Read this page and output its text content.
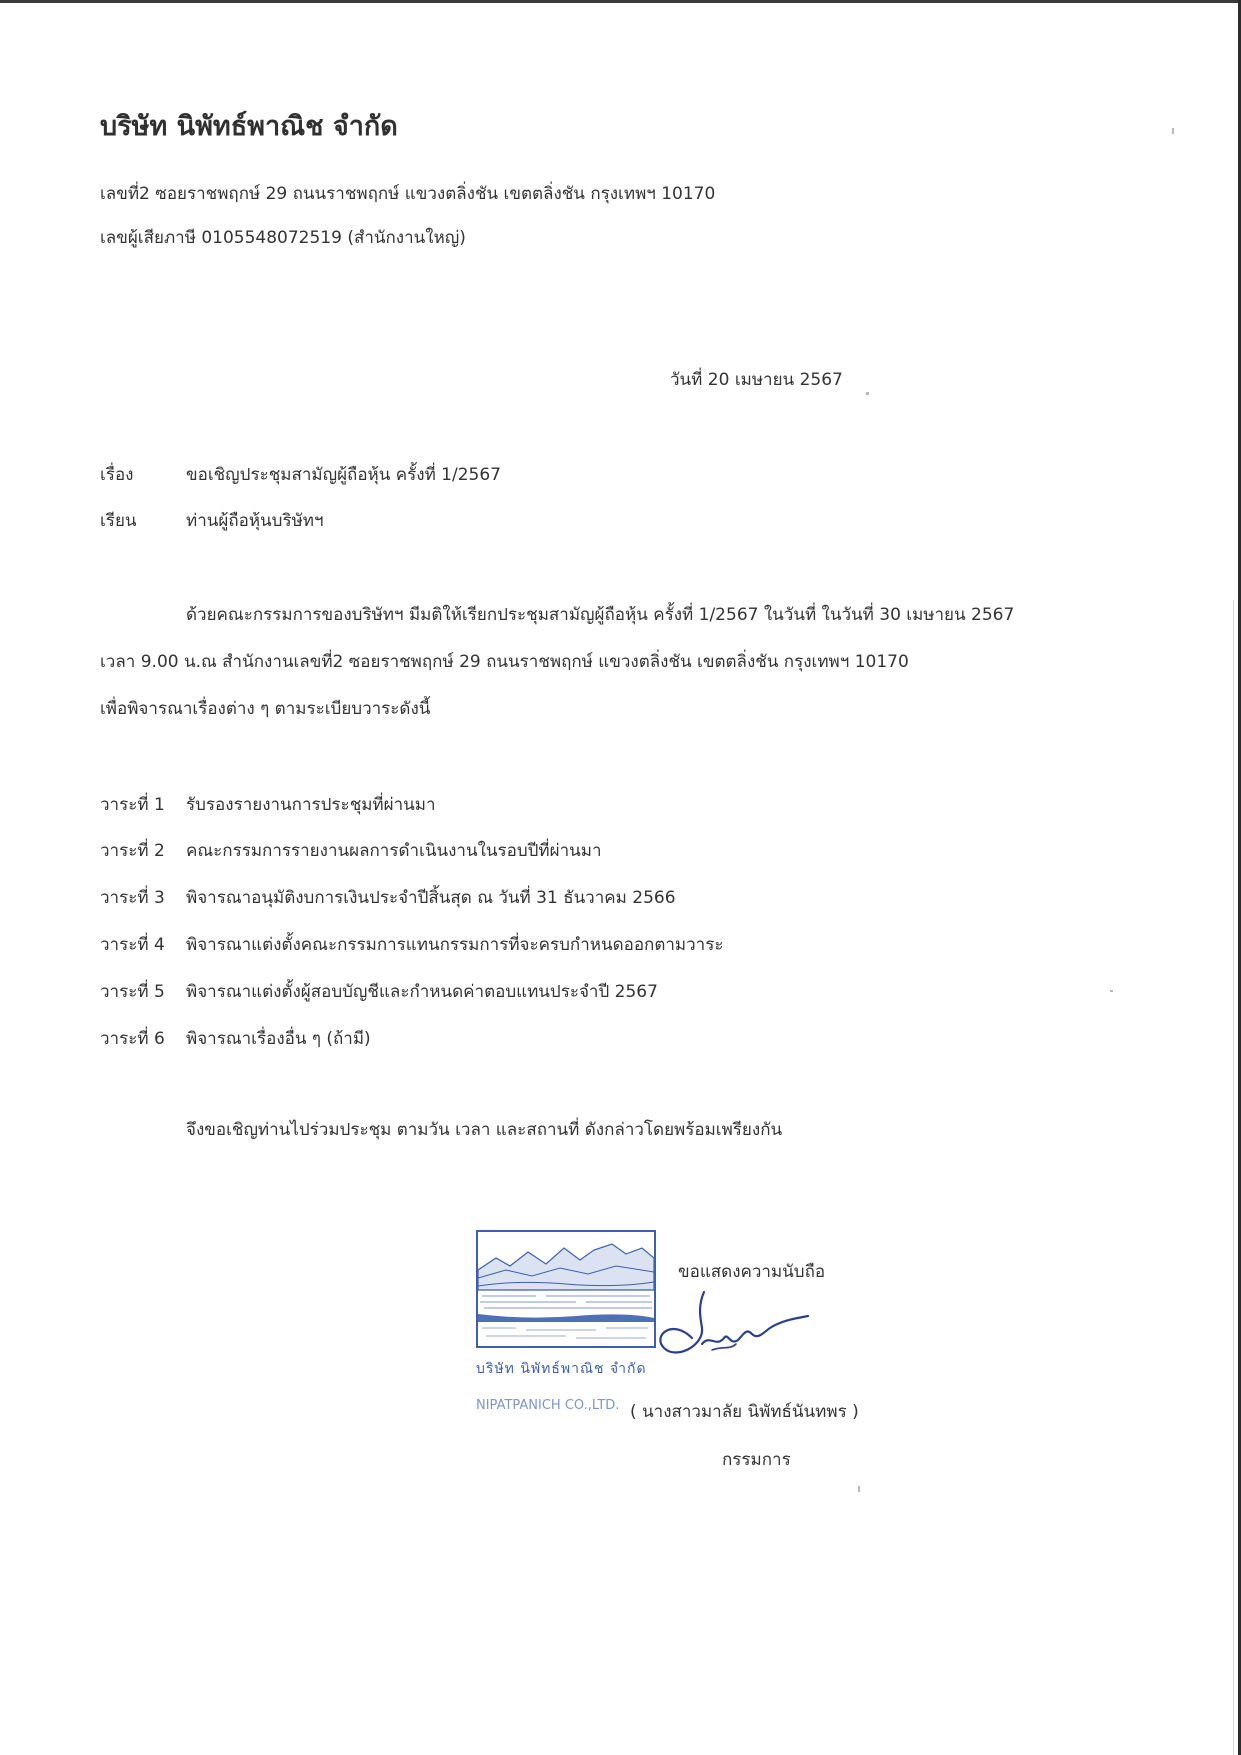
บริษัท นิพัทธ์พาณิช จำกัด
เลขที่2 ซอยราชพฤกษ์ 29 ถนนราชพฤกษ์ แขวงตลิ่งชัน เขตตลิ่งชัน กรุงเทพฯ 10170
เลขผู้เสียภาษี 0105548072519 (สำนักงานใหญ่)
วันที่ 20 เมษายน 2567
เรื่อง	ขอเชิญประชุมสามัญผู้ถือหุ้น ครั้งที่ 1/2567
เรียน	ท่านผู้ถือหุ้นบริษัทฯ
ด้วยคณะกรรมการของบริษัทฯ มีมติให้เรียกประชุมสามัญผู้ถือหุ้น ครั้งที่ 1/2567 ในวันที่ ในวันที่ 30 เมษายน 2567
เวลา 9.00 น.ณ สำนักงานเลขที่2 ซอยราชพฤกษ์ 29 ถนนราชพฤกษ์ แขวงตลิ่งชัน เขตตลิ่งชัน กรุงเทพฯ 10170
เพื่อพิจารณาเรื่องต่าง ๆ ตามระเบียบวาระดังนี้
วาระที่ 1 รับรองรายงานการประชุมที่ผ่านมา
วาระที่ 2 คณะกรรมการรายงานผลการดำเนินงานในรอบปีที่ผ่านมา
วาระที่ 3 พิจารณาอนุมัติงบการเงินประจำปีสิ้นสุด ณ วันที่ 31 ธันวาคม 2566
วาระที่ 4 พิจารณาแต่งตั้งคณะกรรมการแทนกรรมการที่จะครบกำหนดออกตามวาระ
วาระที่ 5 พิจารณาแต่งตั้งผู้สอบบัญชีและกำหนดค่าตอบแทนประจำปี 2567
วาระที่ 6 พิจารณาเรื่องอื่น ๆ (ถ้ามี)
จึงขอเชิญท่านไปร่วมประชุม ตามวัน เวลา และสถานที่ ดังกล่าวโดยพร้อมเพรียงกัน
บริษัท นิพัทธ์พาณิช จำกัด
NIPATPANICH CO.,LTD.
ขอแสดงความนับถือ
( นางสาวมาลัย นิพัทธ์นันทพร )
กรรมการ
